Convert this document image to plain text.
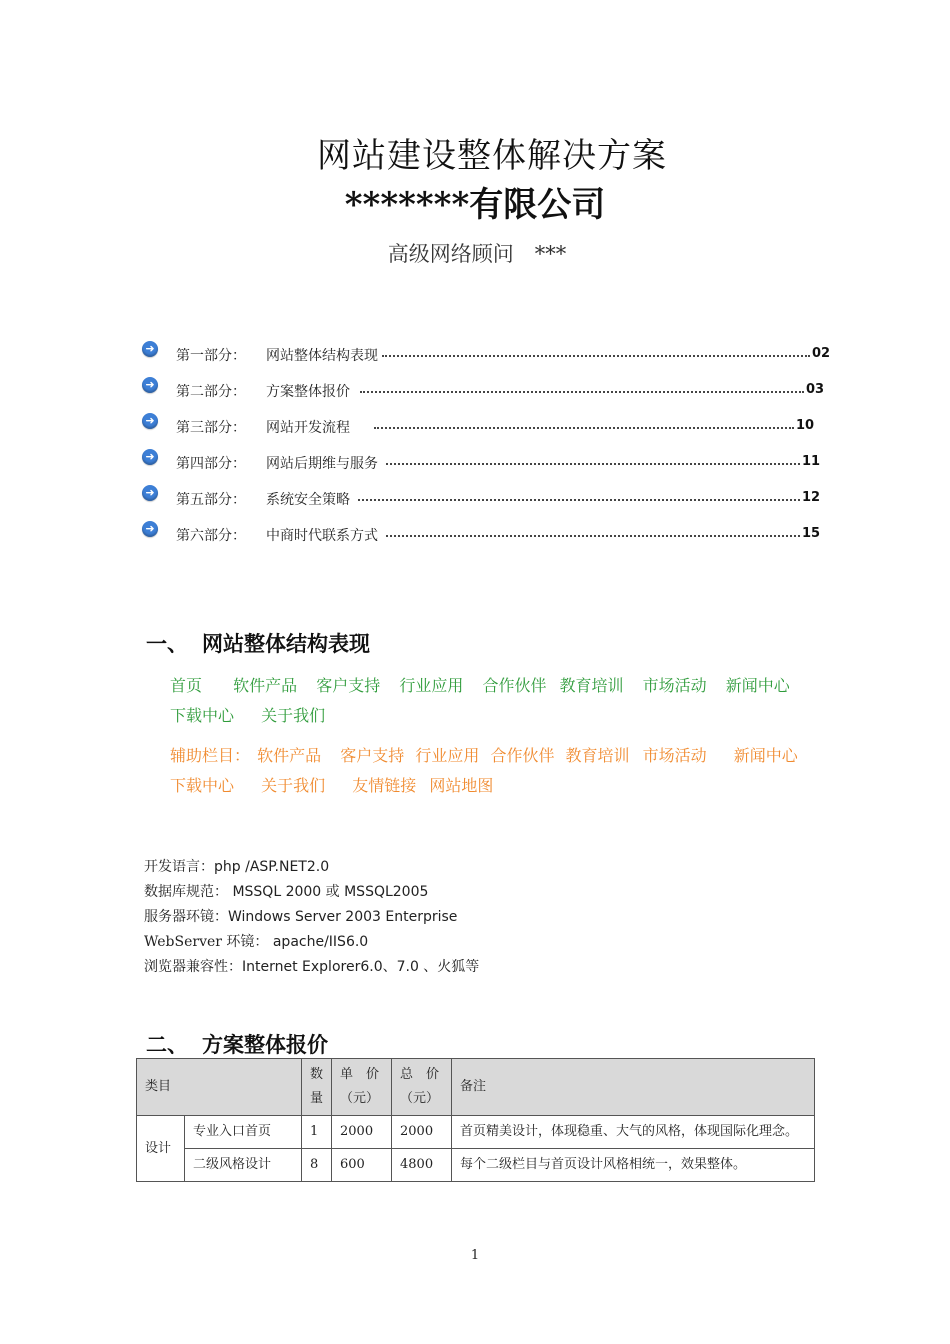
网站建设整体解决方案
*******有限公司
高级网络顾问　***
➜ 第一部分： 网站整体结构表现	02
➜ 第二部分： 方案整体报价	03
➜ 第三部分： 网站开发流程	10
➜ 第四部分： 网站后期维与服务	11
➜ 第五部分： 系统安全策略	12
➜ 第六部分： 中商时代联系方式	15
一、 网站整体结构表现
首页 软件产品 客户支持 行业应用 合作伙伴 教育培训 市场活动 新闻中心
下载中心 关于我们
辅助栏目： 软件产品 客户支持 行业应用 合作伙伴 教育培训 市场活动 新闻中心
下载中心 关于我们 友情链接 网站地图
开发语言：php /ASP.NET2.0
数据库规范： MSSQL 2000 或 MSSQL2005
服务器环镜：Windows Server 2003 Enterprise
WebServer 环镜： apache/IIS6.0
浏览器兼容性：Internet Explorer6.0、7.0 、火狐等
二、 方案整体报价
类目		数量	单　价（元）	总　价（元）	备注
设计	专业入口首页	1	2000	2000	首页精美设计，体现稳重、大气的风格，体现国际化理念。
	二级风格设计	8	600	4800	每个二级栏目与首页设计风格相统一，效果整体。
1
